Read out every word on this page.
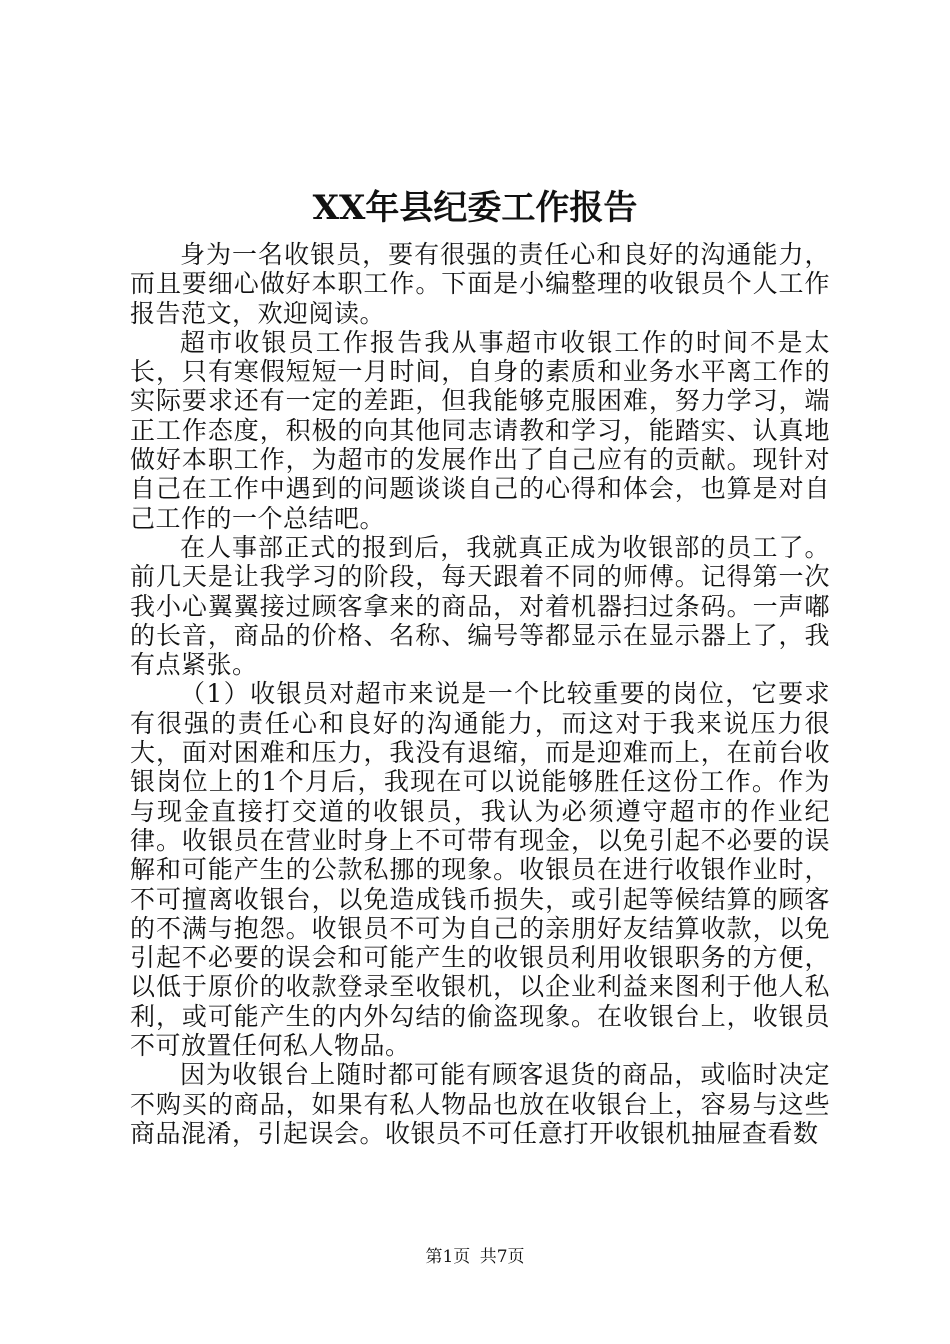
XX年县纪委工作报告

身为一名收银员，要有很强的责任心和良好的沟通能力，而且要细心做好本职工作。下面是小编整理的收银员个人工作报告范文，欢迎阅读。

超市收银员工作报告我从事超市收银工作的时间不是太长，只有寒假短短一月时间，自身的素质和业务水平离工作的实际要求还有一定的差距，但我能够克服困难，努力学习，端正工作态度，积极的向其他同志请教和学习，能踏实、认真地做好本职工作，为超市的发展作出了自己应有的贡献。现针对自己在工作中遇到的问题谈谈自己的心得和体会，也算是对自己工作的一个总结吧。

在人事部正式的报到后，我就真正成为收银部的员工了。前几天是让我学习的阶段，每天跟着不同的师傅。记得第一次我小心翼翼接过顾客拿来的商品，对着机器扫过条码。一声嘟的长音，商品的价格、名称、编号等都显示在显示器上了，我有点紧张。

（1）收银员对超市来说是一个比较重要的岗位，它要求有很强的责任心和良好的沟通能力，而这对于我来说压力很大，面对困难和压力，我没有退缩，而是迎难而上，在前台收银岗位上的1个月后，我现在可以说能够胜任这份工作。作为与现金直接打交道的收银员，我认为必须遵守超市的作业纪律。收银员在营业时身上不可带有现金，以免引起不必要的误解和可能产生的公款私挪的现象。收银员在进行收银作业时，不可擅离收银台，以免造成钱币损失，或引起等候结算的顾客的不满与抱怨。收银员不可为自己的亲朋好友结算收款，以免引起不必要的误会和可能产生的收银员利用收银职务的方便，以低于原价的收款登录至收银机，以企业利益来图利于他人私利，或可能产生的内外勾结的偷盗现象。在收银台上，收银员不可放置任何私人物品。

因为收银台上随时都可能有顾客退货的商品，或临时决定不购买的商品，如果有私人物品也放在收银台上，容易与这些商品混淆，引起误会。收银员不可任意打开收银机抽屉查看数

第1页 共7页
